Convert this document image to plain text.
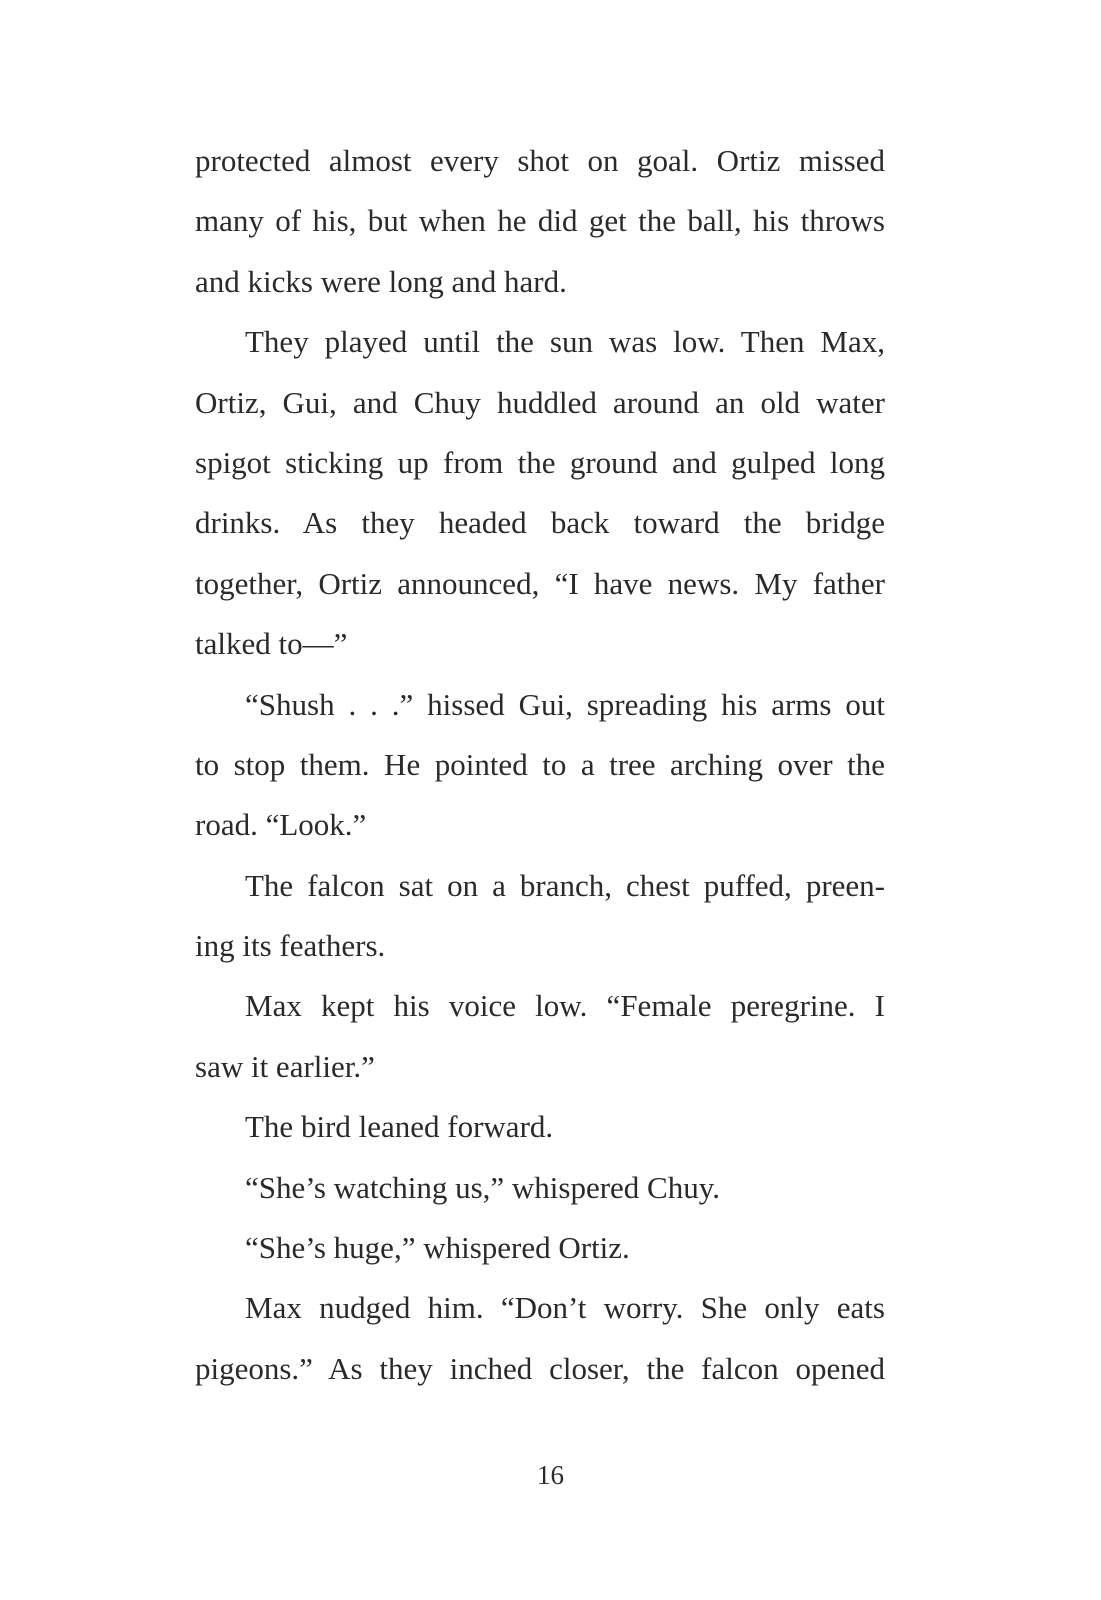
protected almost every shot on goal. Ortiz missed
many of his, but when he did get the ball, his throws
and kicks were long and hard.
They played until the sun was low. Then Max,
Ortiz, Gui, and Chuy huddled around an old water
spigot sticking up from the ground and gulped long
drinks. As they headed back toward the bridge
together, Ortiz announced, “I have news. My father
talked to—”
“Shush . . .” hissed Gui, spreading his arms out
to stop them. He pointed to a tree arching over the
road. “Look.”
The falcon sat on a branch, chest puffed, preen-
ing its feathers.
Max kept his voice low. “Female peregrine. I
saw it earlier.”
The bird leaned forward.
“She’s watching us,” whispered Chuy.
“She’s huge,” whispered Ortiz.
Max nudged him. “Don’t worry. She only eats
pigeons.” As they inched closer, the falcon opened
16
